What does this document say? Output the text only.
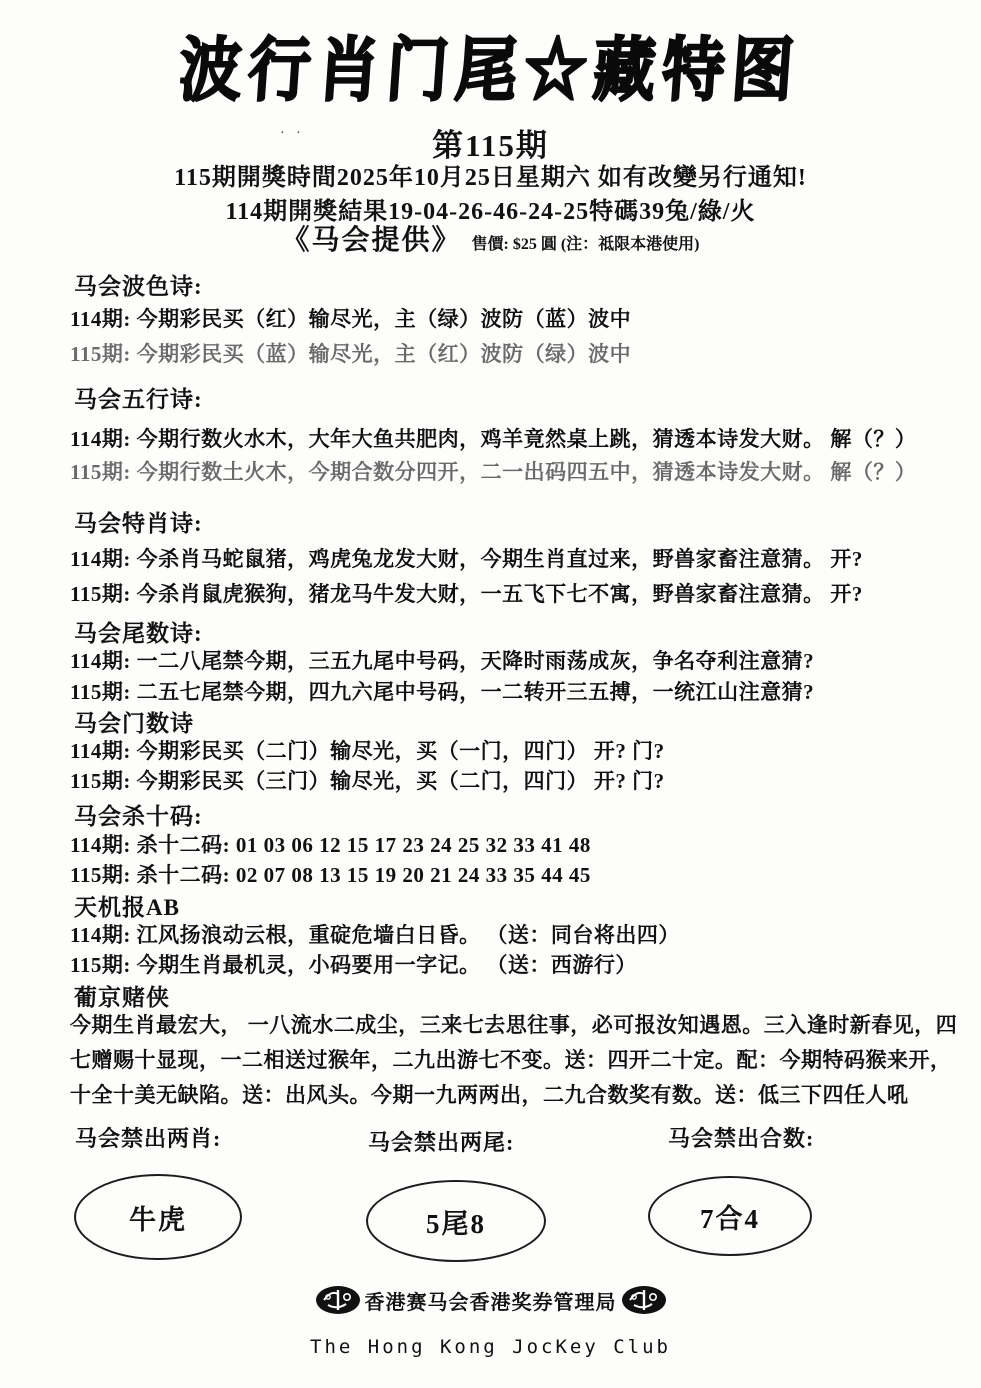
波行肖门尾☆藏特图
· ·	第115期
115期開獎時間2025年10月25日星期六 如有改變另行通知!
114期開獎結果19-04-26-46-24-25特碼39兔/綠/火
《马会提供》 售價: $25 圓 (注：祗限本港使用)
马会波色诗:
114期: 今期彩民买（红）输尽光，主（绿）波防（蓝）波中
115期: 今期彩民买（蓝）输尽光，主（红）波防（绿）波中
马会五行诗:
114期: 今期行数火水木，大年大鱼共肥肉，鸡羊竟然桌上跳，猜透本诗发大财。 解（？）
115期: 今期行数土火木，今期合数分四开，二一出码四五中，猜透本诗发大财。 解（？）
马会特肖诗:
114期: 今杀肖马蛇鼠猪，鸡虎兔龙发大财，今期生肖直过来，野兽家畜注意猜。 开?
115期: 今杀肖鼠虎猴狗，猪龙马牛发大财，一五飞下七不寓，野兽家畜注意猜。 开?
马会尾数诗:
114期: 一二八尾禁今期，三五九尾中号码，天降时雨荡成灰，争名夺利注意猜?
115期: 二五七尾禁今期，四九六尾中号码，一二转开三五搏，一统江山注意猜?
马会门数诗
114期: 今期彩民买（二门）输尽光，买（一门，四门） 开? 门?
115期: 今期彩民买（三门）输尽光，买（二门，四门） 开? 门?
马会杀十码:
114期: 杀十二码: 01 03 06 12 15 17 23 24 25 32 33 41 48
115期: 杀十二码: 02 07 08 13 15 19 20 21 24 33 35 44 45
天机报AB
114期: 江风扬浪动云根，重碇危墙白日昏。 （送：同台将出四）
115期: 今期生肖最机灵，小码要用一字记。 （送：西游行）
葡京赌侠
今期生肖最宏大， 一八流水二成尘，三来七去思往事，必可报汝知遇恩。三入逢时新春见，四
七赠赐十显现，一二相送过猴年，二九出游七不变。送：四开二十定。配：今期特码猴来开，
十全十美无缺陷。送：出风头。今期一九两两出，二九合数奖有数。送：低三下四任人吼
马会禁出两肖:	马会禁出两尾:	马会禁出合数:
牛虎	5尾8	7合4
香港赛马会香港奖券管理局
The Hong Kong JocKey Club
